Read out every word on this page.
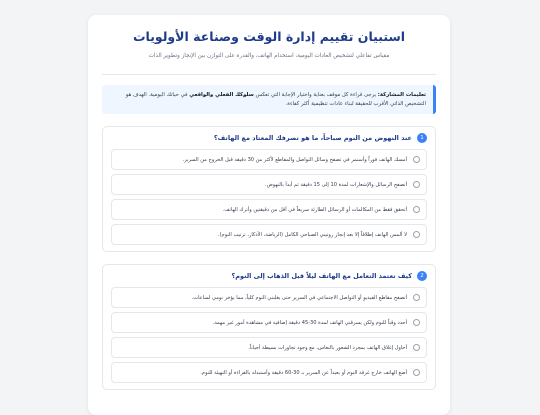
استبيان تقييم إدارة الوقت وصناعة الأولويات
مقياس تفاعلي لتشخيص العادات اليومية، استخدام الهاتف، والقدرة على التوازن بين الإنجاز وتطوير الذات
تعليمات المشاركة: يرجى قراءة كل موقف بعناية واختيار الإجابة التي تعكس سلوكك الفعلي والواقعي في حياتك اليومية. الهدف هو التشخيص الذاتي الأقرب للحقيقة لبناء عادات تنظيمية أكثر كفاءة.
1
عند النهوض من النوم صباحاً، ما هو تصرفك المعتاد مع الهاتف؟
أمسك الهاتف فوراً وأستمر في تصفح وسائل التواصل والمقاطع لأكثر من 30 دقيقة قبل الخروج من السرير.
أتصفح الرسائل والإشعارات لمدة 10 إلى 15 دقيقة ثم أبدأ بالنهوض.
أتحقق فقط من المكالمات أو الرسائل الطارئة سريعاً في أقل من دقيقتين وأترك الهاتف.
لا ألمس الهاتف إطلاقاً إلا بعد إنجاز روتيني الصباحي الكامل (الرياضة، الأذكار، ترتيب النوم).
2
كيف تعتمد التعامل مع الهاتف ليلاً قبل الذهاب إلى النوم؟
أتصفح مقاطع الفيديو أو التواصل الاجتماعي في السرير حتى يغلبني النوم كلياً، مما يؤخر نومي لساعات.
أحدد وقتاً للنوم ولكن يسرقني الهاتف لمدة 30-45 دقيقة إضافية في مشاهدة أمور غير مهمة.
أحاول إغلاق الهاتف بمجرد الشعور بالنعاس، مع وجود تجاوزات بسيطة أحياناً.
أضع الهاتف خارج غرفة النوم أو بعيداً عن السرير بـ 30-60 دقيقة وأستبدله بالقراءة أو التهيئة للنوم.
